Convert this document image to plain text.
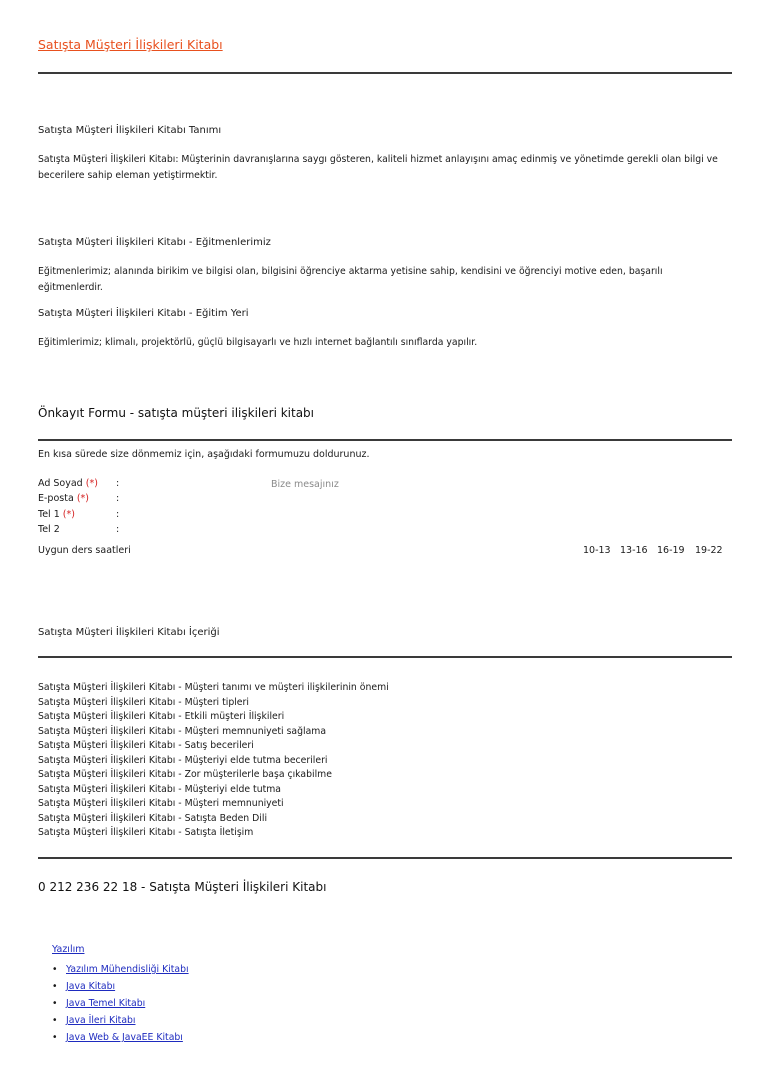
Satışta Müşteri İlişkileri Kitabı
Satışta Müşteri İlişkileri Kitabı Tanımı
Satışta Müşteri İlişkileri Kitabı: Müşterinin davranışlarına saygı gösteren, kaliteli hizmet anlayışını amaç edinmiş ve yönetimde gerekli olan bilgi ve becerilere sahip eleman yetiştirmektir.
Satışta Müşteri İlişkileri Kitabı - Eğitmenlerimiz
Eğitmenlerimiz; alanında birikim ve bilgisi olan, bilgisini öğrenciye aktarma yetisine sahip, kendisini ve öğrenciyi motive eden, başarılı eğitmenlerdir.
Satışta Müşteri İlişkileri Kitabı - Eğitim Yeri
Eğitimlerimiz; klimalı, projektörlü, güçlü bilgisayarlı ve hızlı internet bağlantılı sınıflarda yapılır.
Önkayıt Formu - satışta müşteri ilişkileri kitabı
En kısa sürede size dönmemiz için, aşağıdaki formumuzu doldurunuz.
Ad Soyad (*) :
E-posta (*)	:
Tel 1 (*)	:
Tel 2	:
Bize mesajınız
Uygun ders saatleri	10-13 13-16 16-19 19-22
Satışta Müşteri İlişkileri Kitabı İçeriği
Satışta Müşteri İlişkileri Kitabı - Müşteri tanımı ve müşteri ilişkilerinin önemi
Satışta Müşteri İlişkileri Kitabı - Müşteri tipleri
Satışta Müşteri İlişkileri Kitabı - Etkili müşteri İlişkileri
Satışta Müşteri İlişkileri Kitabı - Müşteri memnuniyeti sağlama
Satışta Müşteri İlişkileri Kitabı - Satış becerileri
Satışta Müşteri İlişkileri Kitabı - Müşteriyi elde tutma becerileri
Satışta Müşteri İlişkileri Kitabı - Zor müşterilerle başa çıkabilme
Satışta Müşteri İlişkileri Kitabı - Müşteriyi elde tutma
Satışta Müşteri İlişkileri Kitabı - Müşteri memnuniyeti
Satışta Müşteri İlişkileri Kitabı - Satışta Beden Dili
Satışta Müşteri İlişkileri Kitabı - Satışta İletişim
0 212 236 22 18 - Satışta Müşteri İlişkileri Kitabı
Yazılım
• Yazılım Mühendisliği Kitabı
• Java Kitabı
• Java Temel Kitabı
• Java İleri Kitabı
• Java Web & JavaEE Kitabı
